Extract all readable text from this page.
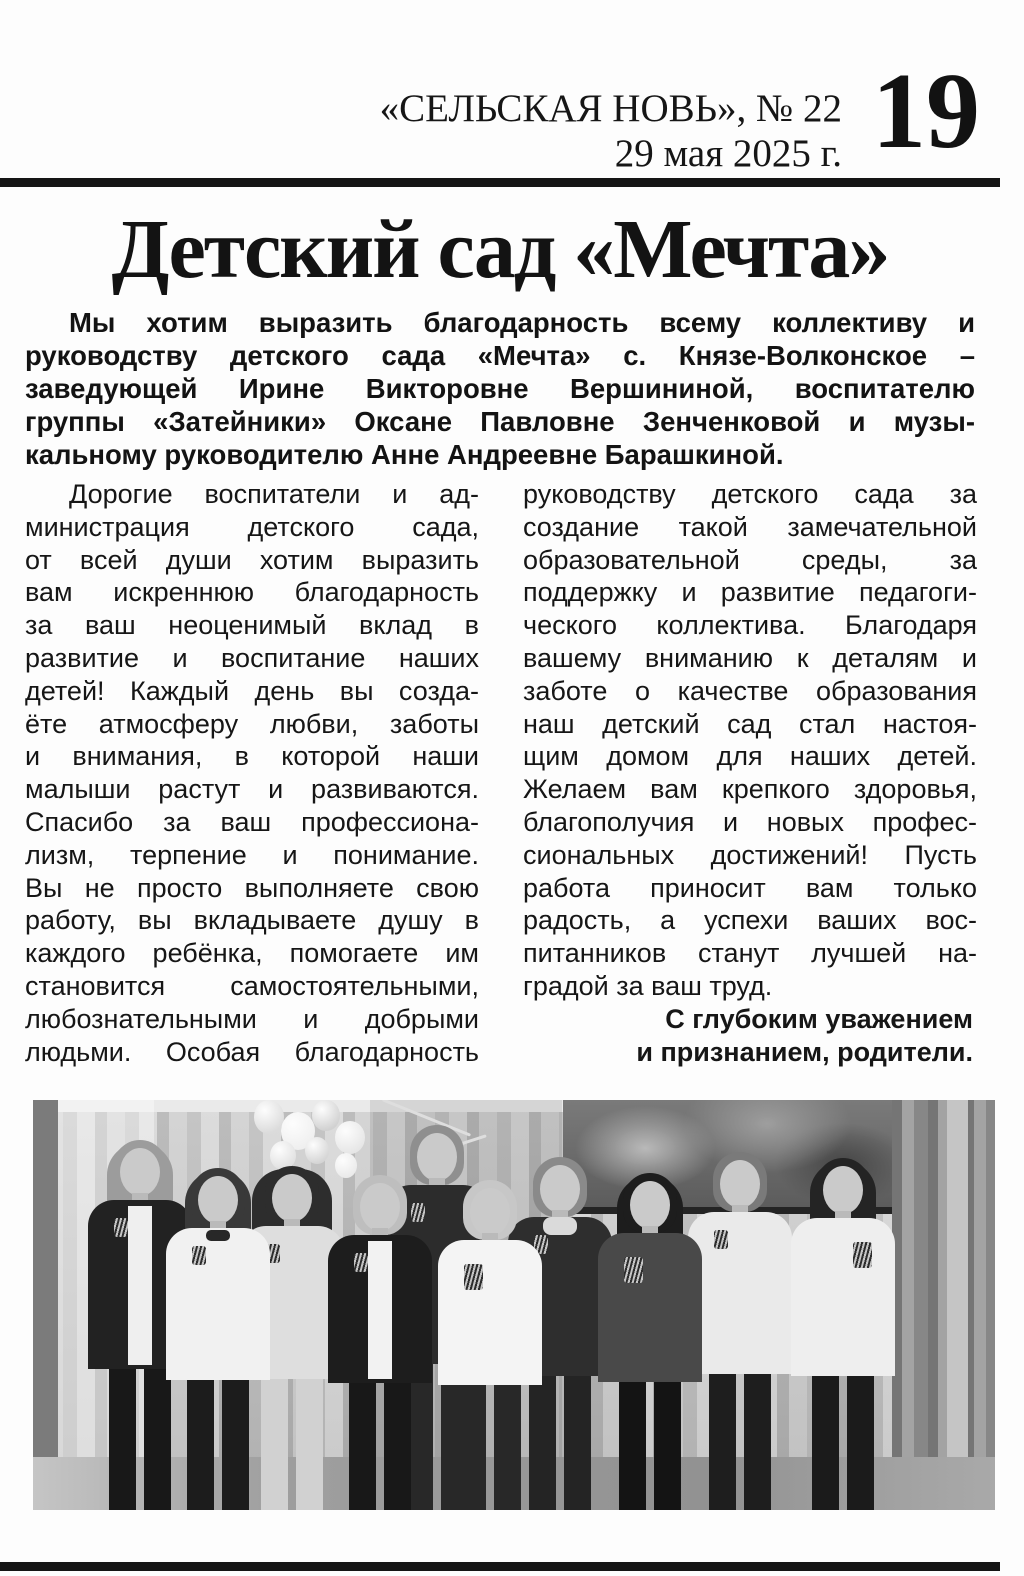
«СЕЛЬСКАЯ НОВЬ», № 22
29 мая 2025 г. 19
Детский сад «Мечта»
Мы хотим выразить благодарность всему коллективу и
руководству детского сада «Мечта» с. Князе-Волконское –
заведующей Ирине Викторовне Вершининой, воспитателю
группы «Затейники» Оксане Павловне Зенченковой и музы-
кальному руководителю Анне Андреевне Барашкиной.
Дорогие воспитатели и ад-
министрация детского сада,
от всей души хотим выразить
вам искреннюю благодарность
за ваш неоценимый вклад в
развитие и воспитание наших
детей! Каждый день вы созда-
ёте атмосферу любви, заботы
и внимания, в которой наши
малыши растут и развиваются.
Спасибо за ваш профессиона-
лизм, терпение и понимание.
Вы не просто выполняете свою
работу, вы вкладываете душу в
каждого ребёнка, помогаете им
становится самостоятельными,
любознательными и добрыми
людьми. Особая благодарность
руководству детского сада за
создание такой замечательной
образовательной среды, за
поддержку и развитие педагоги-
ческого коллектива. Благодаря
вашему вниманию к деталям и
заботе о качестве образования
наш детский сад стал настоя-
щим домом для наших детей.
Желаем вам крепкого здоровья,
благополучия и новых профес-
сиональных достижений! Пусть
работа приносит вам только
радость, а успехи ваших вос-
питанников станут лучшей на-
градой за ваш труд.
С глубоким уважением
и признанием, родители.
